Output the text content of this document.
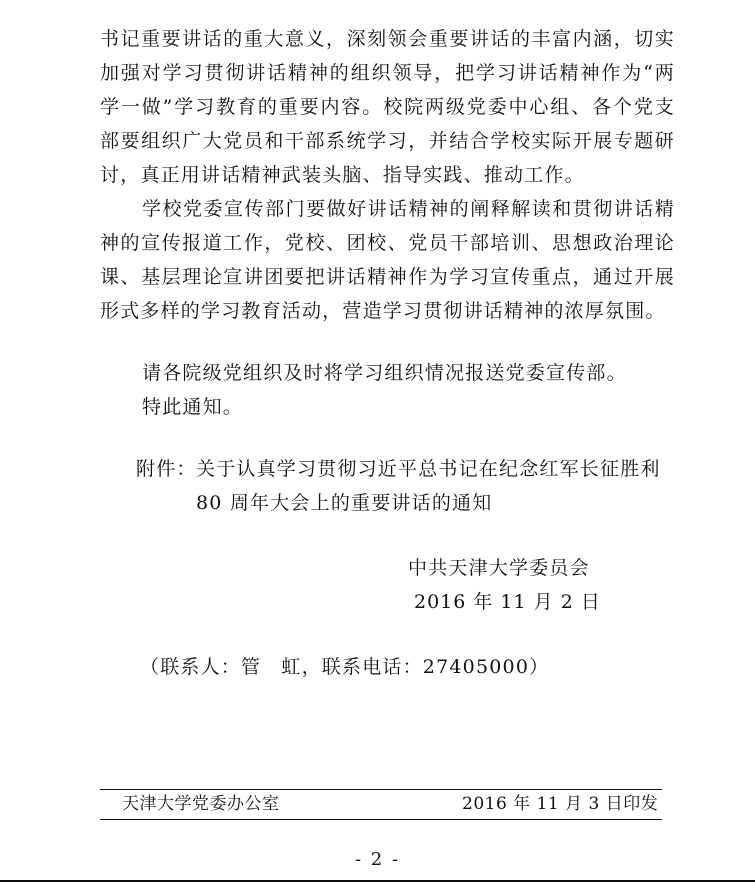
书记重要讲话的重大意义，深刻领会重要讲话的丰富内涵，切实加强对学习贯彻讲话精神的组织领导，把学习讲话精神作为“两学一做”学习教育的重要内容。校院两级党委中心组、各个党支部要组织广大党员和干部系统学习，并结合学校实际开展专题研讨，真正用讲话精神武装头脑、指导实践、推动工作。

学校党委宣传部门要做好讲话精神的阐释解读和贯彻讲话精神的宣传报道工作，党校、团校、党员干部培训、思想政治理论课、基层理论宣讲团要把讲话精神作为学习宣传重点，通过开展形式多样的学习教育活动，营造学习贯彻讲话精神的浓厚氛围。

请各院级党组织及时将学习组织情况报送党委宣传部。

特此通知。

附件： 关于认真学习贯彻习近平总书记在纪念红军长征胜利
80 周年大会上的重要讲话的通知
中共天津大学委员会
2016 年 11 月 2 日
（联系人：管　虹，联系电话：27405000）
天津大学党委办公室	2016 年 11 月 3 日印发
- 2 -
